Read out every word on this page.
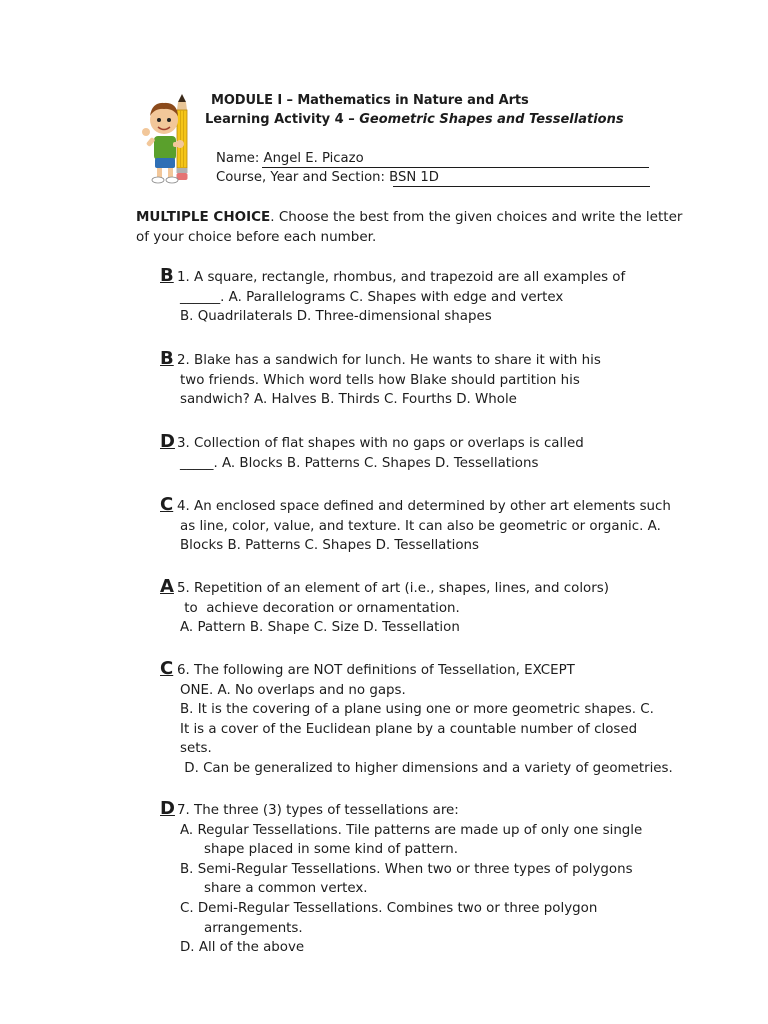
MODULE I – Mathematics in Nature and Arts
Learning Activity 4 – Geometric Shapes and Tessellations
Name: Angel E. Picazo
Course, Year and Section: BSN 1D
MULTIPLE CHOICE. Choose the best from the given choices and write the letter
of your choice before each number.
B 1. A square, rectangle, rhombus, and trapezoid are all examples of
______. A. Parallelograms C. Shapes with edge and vertex
B. Quadrilaterals D. Three-dimensional shapes
B 2. Blake has a sandwich for lunch. He wants to share it with his
two friends. Which word tells how Blake should partition his
sandwich? A. Halves B. Thirds C. Fourths D. Whole
D 3. Collection of flat shapes with no gaps or overlaps is called
_____. A. Blocks B. Patterns C. Shapes D. Tessellations
C 4. An enclosed space defined and determined by other art elements such
as line, color, value, and texture. It can also be geometric or organic. A.
Blocks B. Patterns C. Shapes D. Tessellations
A 5. Repetition of an element of art (i.e., shapes, lines, and colors)
to  achieve decoration or ornamentation.
A. Pattern B. Shape C. Size D. Tessellation
C 6. The following are NOT definitions of Tessellation, EXCEPT
ONE. A. No overlaps and no gaps.
B. It is the covering of a plane using one or more geometric shapes. C.
It is a cover of the Euclidean plane by a countable number of closed
sets.
D. Can be generalized to higher dimensions and a variety of geometries.
D 7. The three (3) types of tessellations are:
A. Regular Tessellations. Tile patterns are made up of only one single
shape placed in some kind of pattern.
B. Semi-Regular Tessellations. When two or three types of polygons
share a common vertex.
C. Demi-Regular Tessellations. Combines two or three polygon
arrangements.
D. All of the above
